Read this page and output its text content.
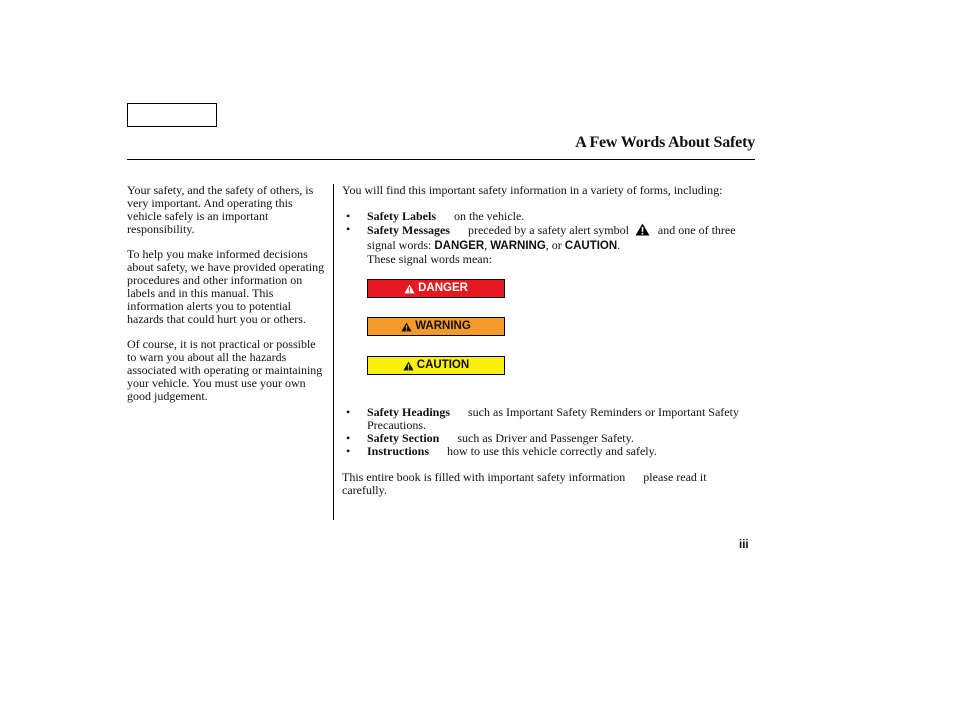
A Few Words About Safety

Your safety, and the safety of others, is very important. And operating this vehicle safely is an important responsibility.

To help you make informed decisions about safety, we have provided operating procedures and other information on labels and in this manual. This information alerts you to potential hazards that could hurt you or others.

Of course, it is not practical or possible to warn you about all the hazards associated with operating or maintaining your vehicle. You must use your own good judgement.

You will find this important safety information in a variety of forms, including:

• Safety Labels on the vehicle.
• Safety Messages preceded by a safety alert symbol and one of three signal words: DANGER, WARNING, or CAUTION.
These signal words mean:
DANGER
WARNING
CAUTION
• Safety Headings such as Important Safety Reminders or Important Safety Precautions.
• Safety Section such as Driver and Passenger Safety.
• Instructions how to use this vehicle correctly and safely.

This entire book is filled with important safety information please read it carefully.

iii
